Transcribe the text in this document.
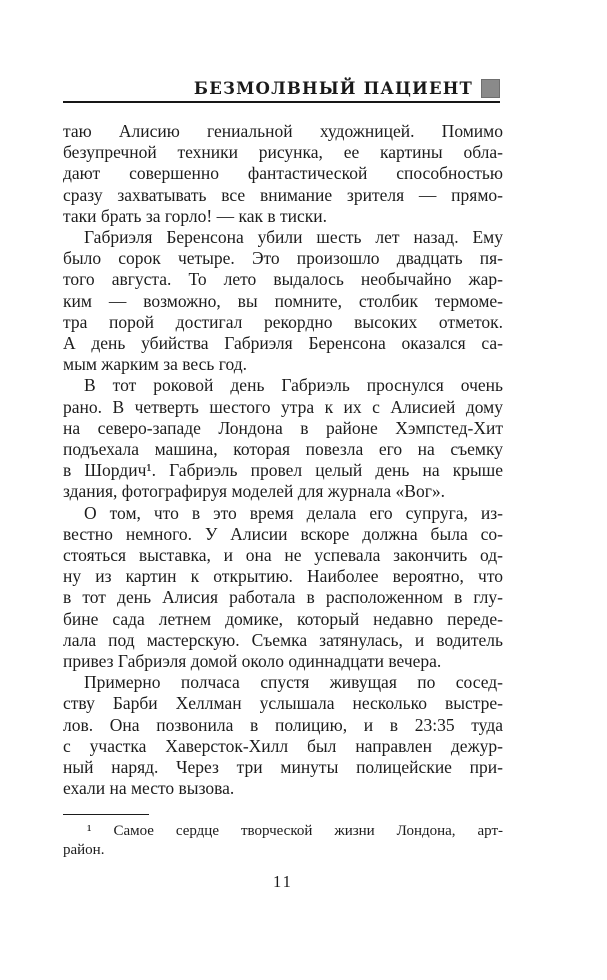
БЕЗМОЛВНЫЙ ПАЦИЕНТ
таю Алисию гениальной художницей. Помимо
безупречной техники рисунка, ее картины обла-
дают совершенно фантастической способностью
сразу захватывать все внимание зрителя — прямо-
таки брать за горло! — как в тиски.
Габриэля Беренсона убили шесть лет назад. Ему
было сорок четыре. Это произошло двадцать пя-
того августа. То лето выдалось необычайно жар-
ким — возможно, вы помните, столбик термоме-
тра порой достигал рекордно высоких отметок.
А день убийства Габриэля Беренсона оказался са-
мым жарким за весь год.
В тот роковой день Габриэль проснулся очень
рано. В четверть шестого утра к их с Алисией дому
на северо-западе Лондона в районе Хэмпстед-Хит
подъехала машина, которая повезла его на съемку
в Шордич¹. Габриэль провел целый день на крыше
здания, фотографируя моделей для журнала «Вог».
О том, что в это время делала его супруга, из-
вестно немного. У Алисии вскоре должна была со-
стояться выставка, и она не успевала закончить од-
ну из картин к открытию. Наиболее вероятно, что
в тот день Алисия работала в расположенном в глу-
бине сада летнем домике, который недавно переде-
лала под мастерскую. Съемка затянулась, и водитель
привез Габриэля домой около одиннадцати вечера.
Примерно полчаса спустя живущая по сосед-
ству Барби Хеллман услышала несколько выстре-
лов. Она позвонила в полицию, и в 23:35 туда
с участка Хаверсток-Хилл был направлен дежур-
ный наряд. Через три минуты полицейские при-
ехали на место вызова.
¹ Самое сердце творческой жизни Лондона, арт-
район.
11
